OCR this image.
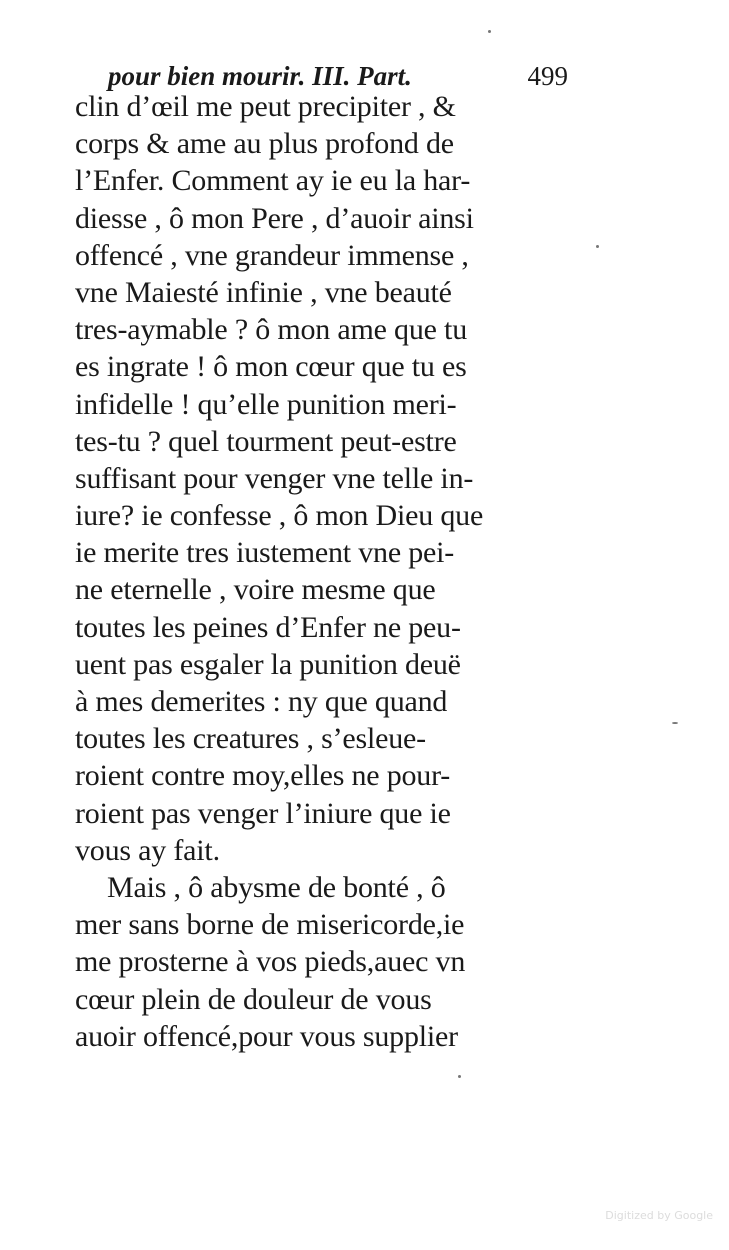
pour bien mourir. III. Part.	499
clin d’œil me peut precipiter , &
corps & ame au plus profond de
l’Enfer. Comment ay ie eu la har-
diesse , ô mon Pere , d’auoir ainsi
offencé , vne grandeur immense ,
vne Maiesté infinie , vne beauté
tres-aymable ? ô mon ame que tu
es ingrate ! ô mon cœur que tu es
infidelle ! qu’elle punition meri-
tes-tu ? quel tourment peut-estre
suffisant pour venger vne telle in-
iure? ie confesse , ô mon Dieu que
ie merite tres iustement vne pei-
ne eternelle , voire mesme que
toutes les peines d’Enfer ne peu-
uent pas esgaler la punition deuë
à mes demerites : ny que quand
toutes les creatures , s’esleue-
roient contre moy,elles ne pour-
roient pas venger l’iniure que ie
vous ay fait.
Mais , ô abysme de bonté , ô
mer sans borne de misericorde,ie
me prosterne à vos pieds,auec vn
cœur plein de douleur de vous
auoir offencé,pour vous supplier
Digitized by Google
